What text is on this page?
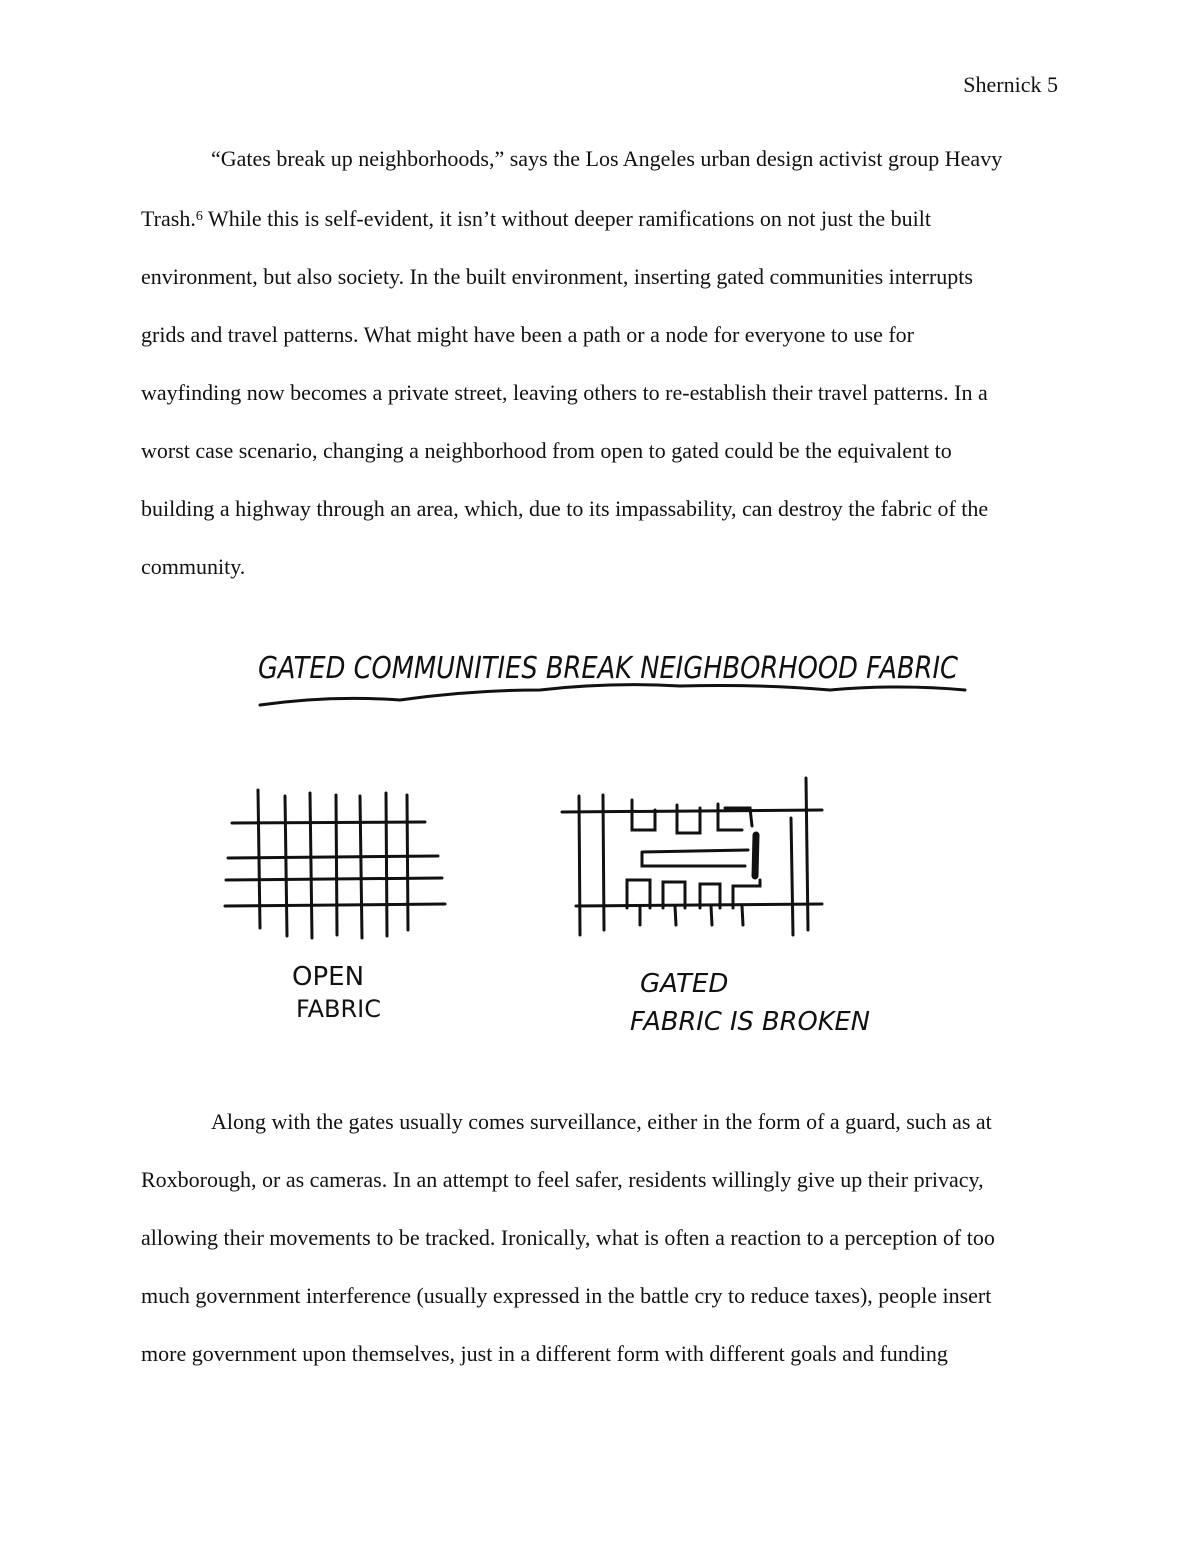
Shernick 5
“Gates break up neighborhoods,” says the Los Angeles urban design activist group Heavy
Trash.$^6$ While this is self-evident, it isn’t without deeper ramifications on not just the built
environment, but also society. In the built environment, inserting gated communities interrupts
grids and travel patterns. What might have been a path or a node for everyone to use for
wayfinding now becomes a private street, leaving others to re-establish their travel patterns. In a
worst case scenario, changing a neighborhood from open to gated could be the equivalent to
building a highway through an area, which, due to its impassability, can destroy the fabric of the
community.
GATED COMMUNITIES BREAK NEIGHBORHOOD FABRIC
OPEN
FABRIC
GATED
FABRIC IS BROKEN
Along with the gates usually comes surveillance, either in the form of a guard, such as at
Roxborough, or as cameras. In an attempt to feel safer, residents willingly give up their privacy,
allowing their movements to be tracked. Ironically, what is often a reaction to a perception of too
much government interference (usually expressed in the battle cry to reduce taxes), people insert
more government upon themselves, just in a different form with different goals and funding
